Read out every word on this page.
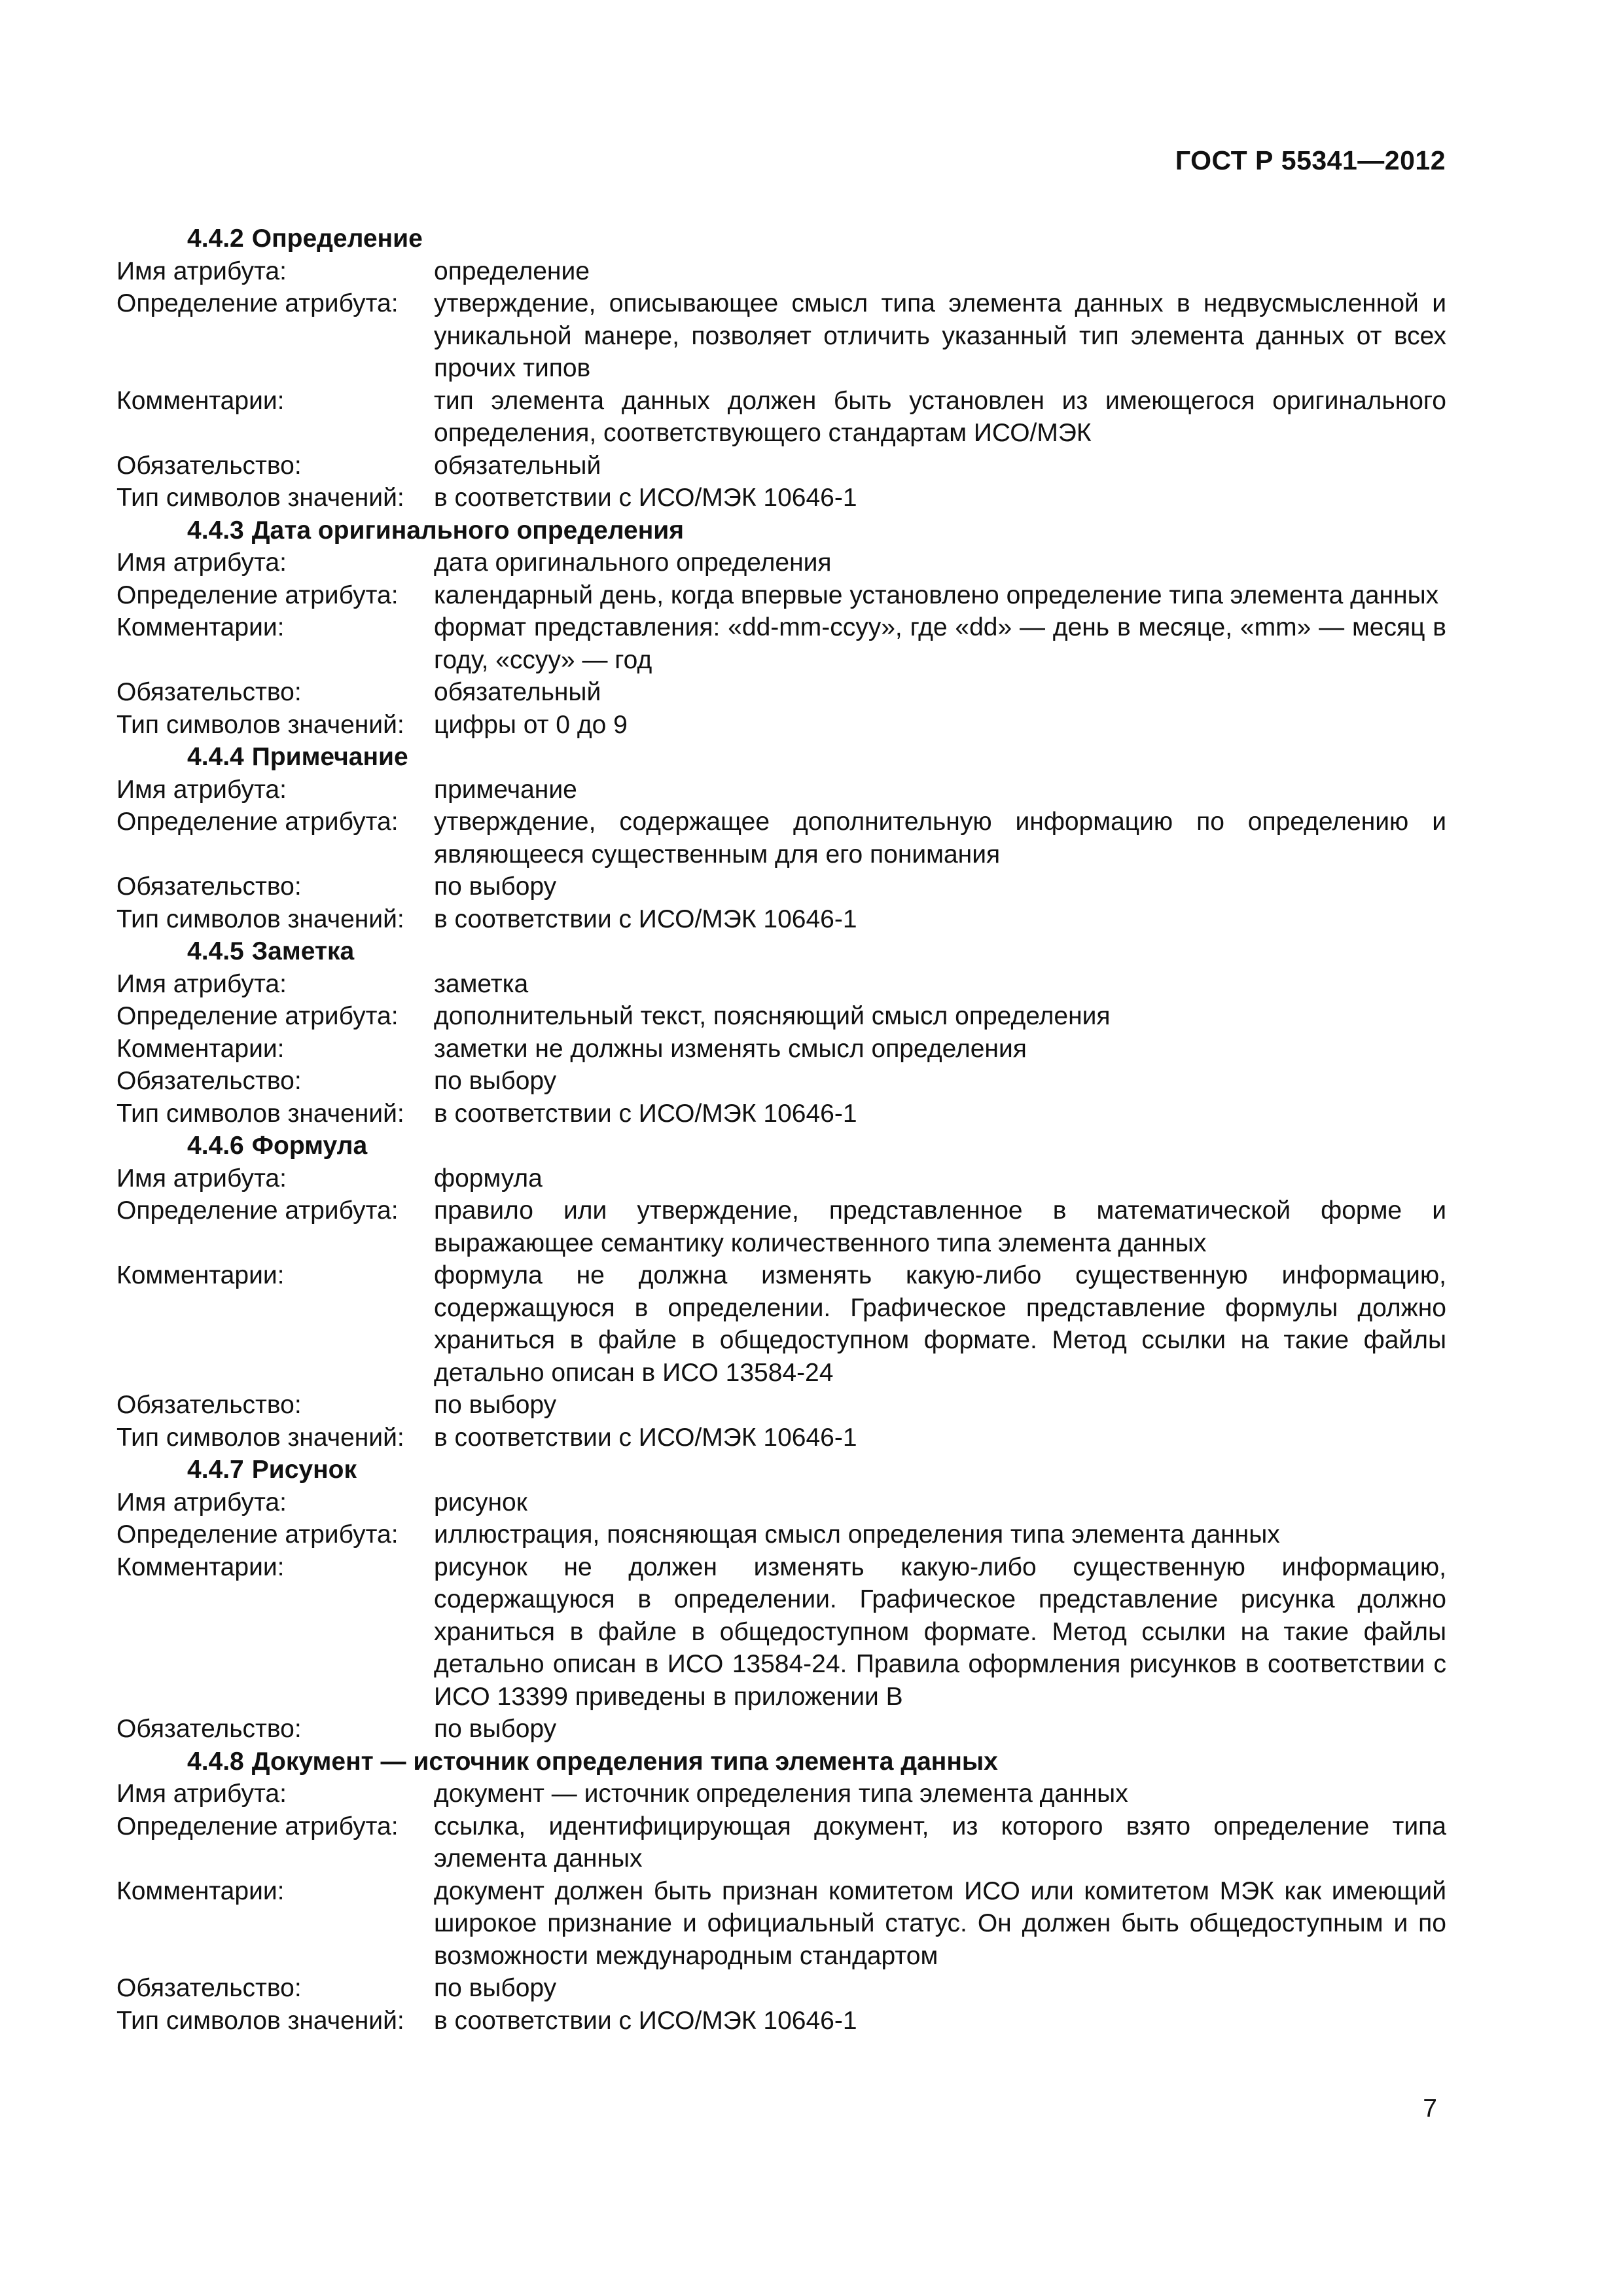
ГОСТ Р 55341—2012
4.4.2 Определение
Имя атрибута:	определение
Определение атрибута:	утверждение, описывающее смысл типа элемента данных в недвусмысленной и уникальной манере, позволяет отличить указанный тип элемента данных от всех прочих типов
Комментарии:	тип элемента данных должен быть установлен из имеющегося оригинального определения, соответствующего стандартам ИСО/МЭК
Обязательство:	обязательный
Тип символов значений:	в соответствии с ИСО/МЭК 10646-1
4.4.3 Дата оригинального определения
Имя атрибута:	дата оригинального определения
Определение атрибута:	календарный день, когда впервые установлено определение типа элемента данных
Комментарии:	формат представления: «dd-mm-ccyy», где «dd» — день в месяце, «mm» — месяц в году, «ccyy» — год
Обязательство:	обязательный
Тип символов значений:	цифры от 0 до 9
4.4.4 Примечание
Имя атрибута:	примечание
Определение атрибута:	утверждение, содержащее дополнительную информацию по определению и являющееся существенным для его понимания
Обязательство:	по выбору
Тип символов значений:	в соответствии с ИСО/МЭК 10646-1
4.4.5 Заметка
Имя атрибута:	заметка
Определение атрибута:	дополнительный текст, поясняющий смысл определения
Комментарии:	заметки не должны изменять смысл определения
Обязательство:	по выбору
Тип символов значений:	в соответствии с ИСО/МЭК 10646-1
4.4.6 Формула
Имя атрибута:	формула
Определение атрибута:	правило или утверждение, представленное в математической форме и выражающее семантику количественного типа элемента данных
Комментарии:	формула не должна изменять какую-либо существенную информацию, содержащуюся в определении. Графическое представление формулы должно храниться в файле в общедоступном формате. Метод ссылки на такие файлы детально описан в ИСО 13584-24
Обязательство:	по выбору
Тип символов значений:	в соответствии с ИСО/МЭК 10646-1
4.4.7 Рисунок
Имя атрибута:	рисунок
Определение атрибута:	иллюстрация, поясняющая смысл определения типа элемента данных
Комментарии:	рисунок не должен изменять какую-либо существенную информацию, содержащуюся в определении. Графическое представление рисунка должно храниться в файле в общедоступном формате. Метод ссылки на такие файлы детально описан в ИСО 13584-24. Правила оформления рисунков в соответствии с ИСО 13399 приведены в приложении В
Обязательство:	по выбору
4.4.8 Документ — источник определения типа элемента данных
Имя атрибута:	документ — источник определения типа элемента данных
Определение атрибута:	ссылка, идентифицирующая документ, из которого взято определение типа элемента данных
Комментарии:	документ должен быть признан комитетом ИСО или комитетом МЭК как имеющий широкое признание и официальный статус. Он должен быть общедоступным и по возможности международным стандартом
Обязательство:	по выбору
Тип символов значений:	в соответствии с ИСО/МЭК 10646-1
7
